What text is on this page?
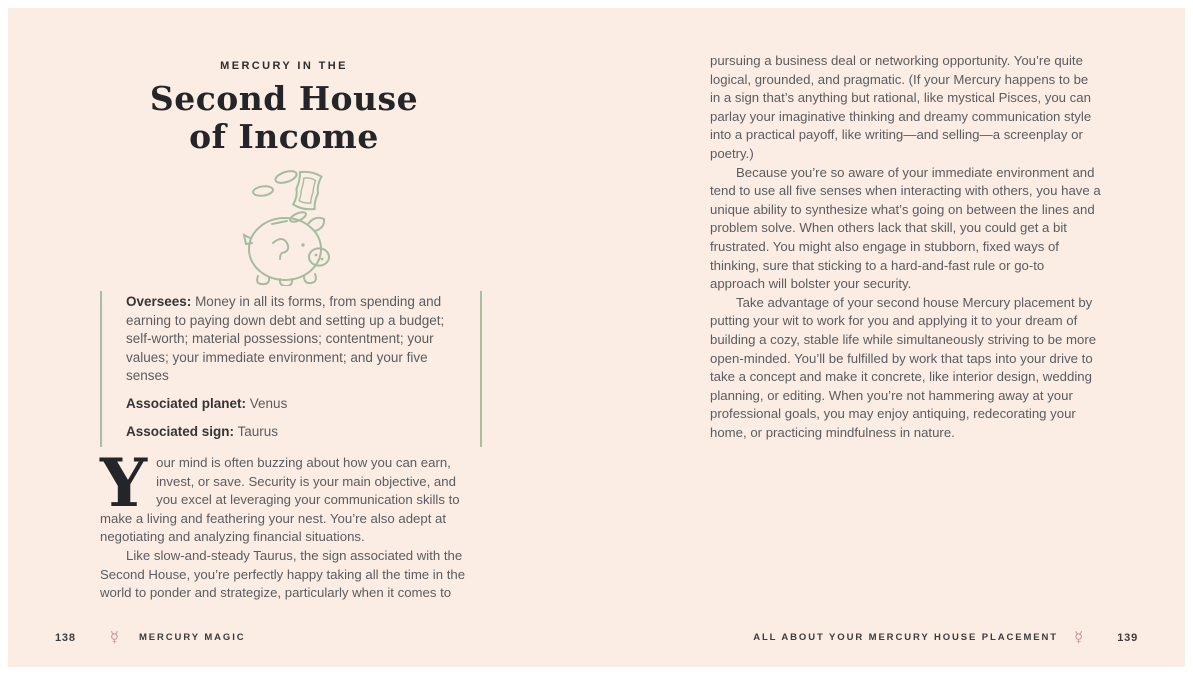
MERCURY IN THE
Second House
of Income

Oversees: Money in all its forms, from spending and earning to paying down debt and setting up a budget; self-worth; material possessions; contentment; your values; your immediate environment; and your five senses

Associated planet: Venus

Associated sign: Taurus

Your mind is often buzzing about how you can earn, invest, or save. Security is your main objective, and you excel at leveraging your communication skills to make a living and feathering your nest. You’re also adept at negotiating and analyzing financial situations.

Like slow-and-steady Taurus, the sign associated with the Second House, you’re perfectly happy taking all the time in the world to ponder and strategize, particularly when it comes to

pursuing a business deal or networking opportunity. You’re quite logical, grounded, and pragmatic. (If your Mercury happens to be in a sign that’s anything but rational, like mystical Pisces, you can parlay your imaginative thinking and dreamy communication style into a practical payoff, like writing—and selling—a screenplay or poetry.)

Because you’re so aware of your immediate environment and tend to use all five senses when interacting with others, you have a unique ability to synthesize what’s going on between the lines and problem solve. When others lack that skill, you could get a bit frustrated. You might also engage in stubborn, fixed ways of thinking, sure that sticking to a hard-and-fast rule or go-to approach will bolster your security.

Take advantage of your second house Mercury placement by putting your wit to work for you and applying it to your dream of building a cozy, stable life while simultaneously striving to be more open-minded. You’ll be fulfilled by work that taps into your drive to take a concept and make it concrete, like interior design, wedding planning, or editing. When you’re not hammering away at your professional goals, you may enjoy antiquing, redecorating your home, or practicing mindfulness in nature.

138 ☿ MERCURY MAGIC	ALL ABOUT YOUR MERCURY HOUSE PLACEMENT ☿	139
